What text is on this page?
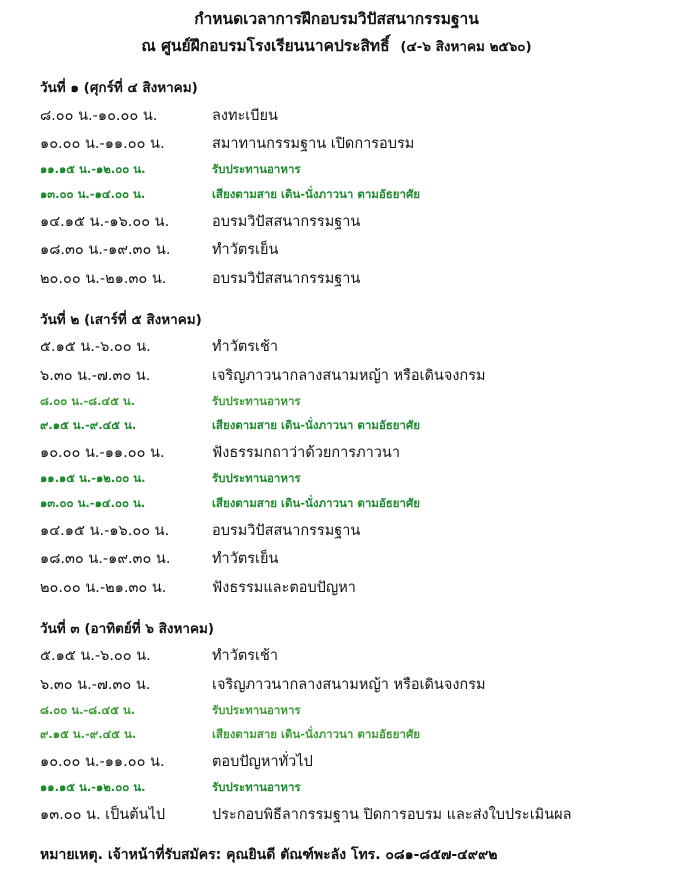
กำหนดเวลาการฝึกอบรมวิปัสสนากรรมฐาน
ณ ศูนย์ฝึกอบรมโรงเรียนนาคประสิทธิ์ (๔-๖ สิงหาคม ๒๕๖๐)
วันที่ ๑ (ศุกร์ที่ ๔ สิงหาคม)
๘.๐๐ น.-๑๐.๐๐ น.	ลงทะเบียน
๑๐.๐๐ น.-๑๑.๐๐ น.	สมาทานกรรมฐาน เปิดการอบรม
๑๑.๑๕ น.-๑๒.๐๐ น.	รับประทานอาหาร
๑๓.๐๐ น.-๑๔.๐๐ น.	เสียงตามสาย เดิน-นั่งภาวนา ตามอัธยาศัย
๑๔.๑๕ น.-๑๖.๐๐ น.	อบรมวิปัสสนากรรมฐาน
๑๘.๓๐ น.-๑๙.๓๐ น.	ทำวัตรเย็น
๒๐.๐๐ น.-๒๑.๓๐ น.	อบรมวิปัสสนากรรมฐาน
วันที่ ๒ (เสาร์ที่ ๕ สิงหาคม)
๕.๑๕ น.-๖.๐๐ น.	ทำวัตรเช้า
๖.๓๐ น.-๗.๓๐ น.	เจริญภาวนากลางสนามหญ้า หรือเดินจงกรม
๘.๐๐ น.-๘.๔๕ น.	รับประทานอาหาร
๙.๑๕ น.-๙.๔๕ น.	เสียงตามสาย เดิน-นั่งภาวนา ตามอัธยาศัย
๑๐.๐๐ น.-๑๑.๐๐ น.	ฟังธรรมกถาว่าด้วยการภาวนา
๑๑.๑๕ น.-๑๒.๐๐ น.	รับประทานอาหาร
๑๓.๐๐ น.-๑๔.๐๐ น.	เสียงตามสาย เดิน-นั่งภาวนา ตามอัธยาศัย
๑๔.๑๕ น.-๑๖.๐๐ น.	อบรมวิปัสสนากรรมฐาน
๑๘.๓๐ น.-๑๙.๓๐ น.	ทำวัตรเย็น
๒๐.๐๐ น.-๒๑.๓๐ น.	ฟังธรรมและตอบปัญหา
วันที่ ๓ (อาทิตย์ที่ ๖ สิงหาคม)
๕.๑๕ น.-๖.๐๐ น.	ทำวัตรเช้า
๖.๓๐ น.-๗.๓๐ น.	เจริญภาวนากลางสนามหญ้า หรือเดินจงกรม
๘.๐๐ น.-๘.๔๕ น.	รับประทานอาหาร
๙.๑๕ น.-๙.๔๕ น.	เสียงตามสาย เดิน-นั่งภาวนา ตามอัธยาศัย
๑๐.๐๐ น.-๑๑.๐๐ น.	ตอบปัญหาทั่วไป
๑๑.๑๕ น.-๑๒.๐๐ น.	รับประทานอาหาร
๑๓.๐๐ น. เป็นต้นไป	ประกอบพิธีลากรรมฐาน ปิดการอบรม และส่งใบประเมินผล
หมายเหตุ. เจ้าหน้าที่รับสมัคร: คุณยินดี ตัณฑ์พะลัง โทร. ๐๘๑-๘๕๗-๔๙๙๒
